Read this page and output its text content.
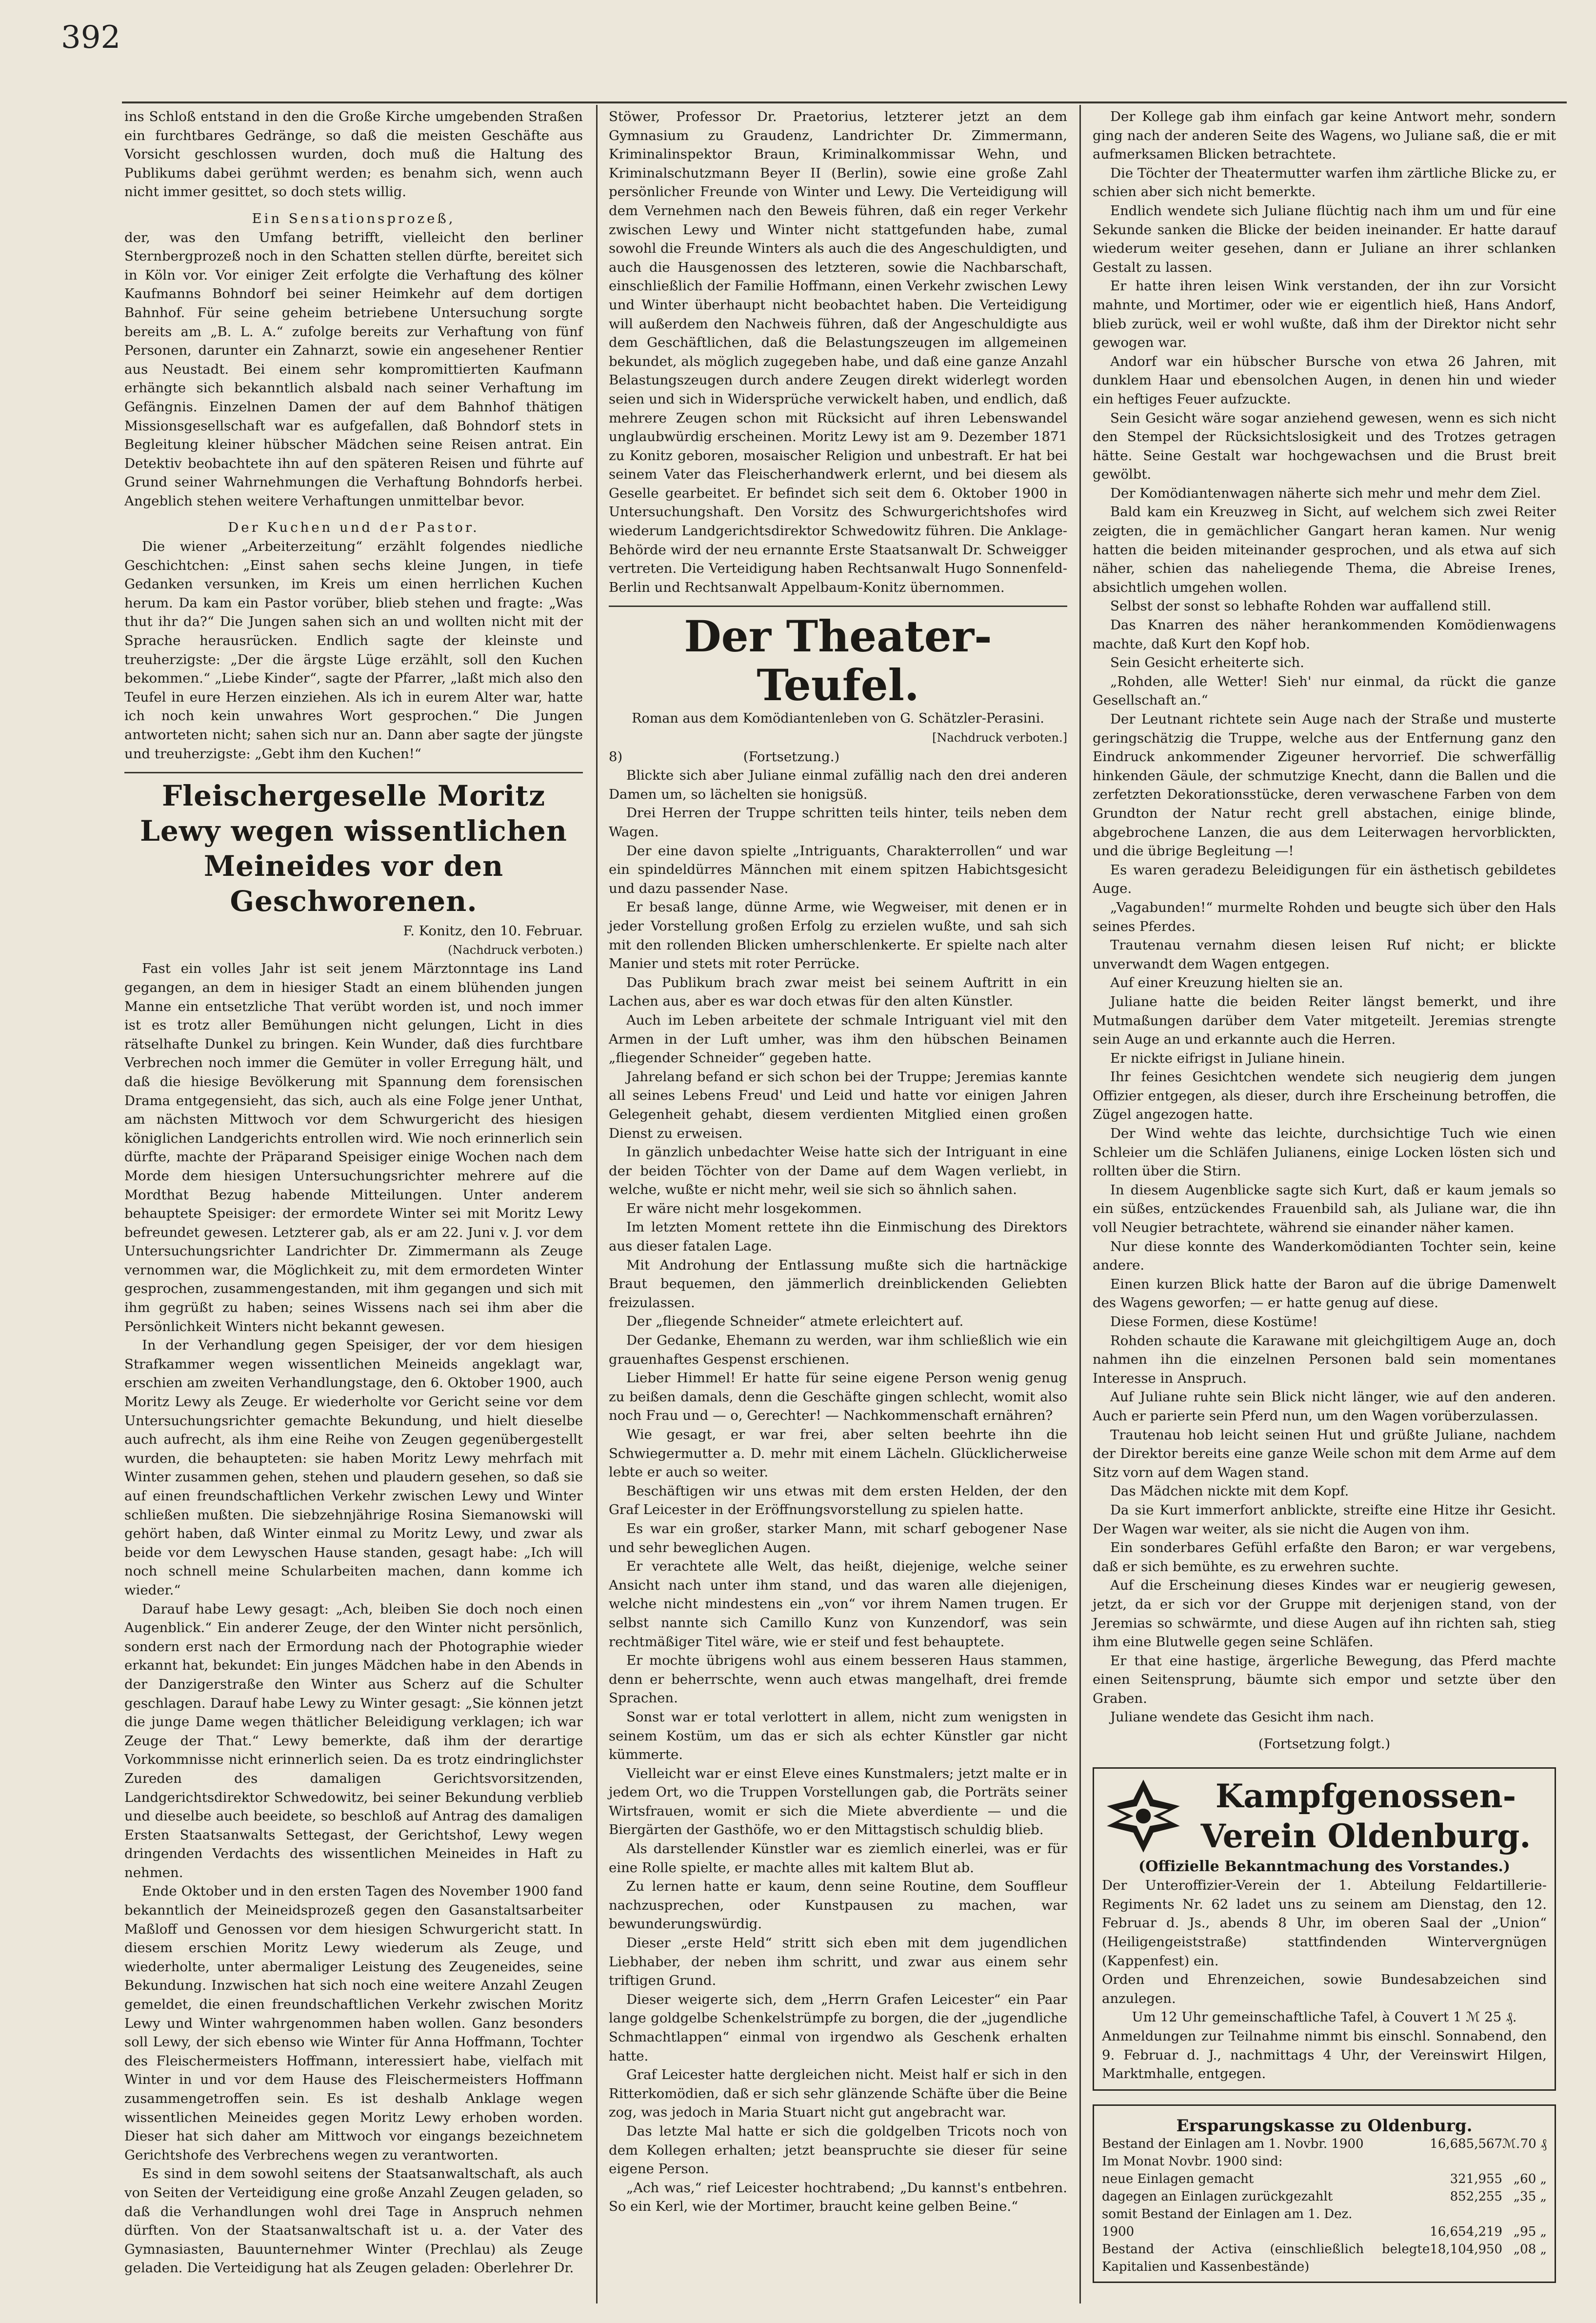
392

ins Schloß entstand in den die Große Kirche umgebenden Straßen ein furchtbares Gedränge, so daß die meisten Geschäfte aus Vorsicht geschlossen wurden, doch muß die Haltung des Publikums dabei gerühmt werden; es benahm sich, wenn auch nicht immer gesittet, so doch stets willig.

Ein Sensationsprozeß,

der, was den Umfang betrifft, vielleicht den berliner Sternbergprozeß noch in den Schatten stellen dürfte, bereitet sich in Köln vor. Vor einiger Zeit erfolgte die Verhaftung des kölner Kaufmanns Bohndorf bei seiner Heimkehr auf dem dortigen Bahnhof. Für seine geheim betriebene Untersuchung sorgte bereits am „B. L. A.“ zufolge bereits zur Verhaftung von fünf Personen, darunter ein Zahnarzt, sowie ein angesehener Rentier aus Neustadt. Bei einem sehr kompromittierten Kaufmann erhängte sich bekanntlich alsbald nach seiner Verhaftung im Gefängnis. Einzelnen Damen der auf dem Bahnhof thätigen Missionsgesellschaft war es aufgefallen, daß Bohndorf stets in Begleitung kleiner hübscher Mädchen seine Reisen antrat. Ein Detektiv beobachtete ihn auf den späteren Reisen und führte auf Grund seiner Wahrnehmungen die Verhaftung Bohndorfs herbei. Angeblich stehen weitere Verhaftungen unmittelbar bevor.

Der Kuchen und der Pastor.

Die wiener „Arbeiterzeitung“ erzählt folgendes niedliche Geschichtchen: „Einst sahen sechs kleine Jungen, in tiefe Gedanken versunken, im Kreis um einen herrlichen Kuchen herum. Da kam ein Pastor vorüber, blieb stehen und fragte: „Was thut ihr da?“ Die Jungen sahen sich an und wollten nicht mit der Sprache herausrücken. Endlich sagte der kleinste und treuherzigste: „Der die ärgste Lüge erzählt, soll den Kuchen bekommen.“ „Liebe Kinder“, sagte der Pfarrer, „laßt mich also den Teufel in eure Herzen einziehen. Als ich in eurem Alter war, hatte ich noch kein unwahres Wort gesprochen.“ Die Jungen antworteten nicht; sahen sich nur an. Dann aber sagte der jüngste und treuherzigste: „Gebt ihm den Kuchen!“

Fleischergeselle Moritz Lewy wegen wissentlichen Meineides vor den Geschworenen.

F. Konitz, den 10. Februar.

(Nachdruck verboten.)

Fast ein volles Jahr ist seit jenem Märztonntage ins Land gegangen, an dem in hiesiger Stadt an einem blühenden jungen Manne ein entsetzliche That verübt worden ist, und noch immer ist es trotz aller Bemühungen nicht gelungen, Licht in dies rätselhafte Dunkel zu bringen. Kein Wunder, daß dies furchtbare Verbrechen noch immer die Gemüter in voller Erregung hält, und daß die hiesige Bevölkerung mit Spannung dem forensischen Drama entgegensieht, das sich, auch als eine Folge jener Unthat, am nächsten Mittwoch vor dem Schwurgericht des hiesigen königlichen Landgerichts entrollen wird. Wie noch erinnerlich sein dürfte, machte der Präparand Speisiger einige Wochen nach dem Morde dem hiesigen Untersuchungsrichter mehrere auf die Mordthat Bezug habende Mitteilungen. Unter anderem behauptete Speisiger: der ermordete Winter sei mit Moritz Lewy befreundet gewesen. Letzterer gab, als er am 22. Juni v. J. vor dem Untersuchungsrichter Landrichter Dr. Zimmermann als Zeuge vernommen war, die Möglichkeit zu, mit dem ermordeten Winter gesprochen, zusammengestanden, mit ihm gegangen und sich mit ihm gegrüßt zu haben; seines Wissens nach sei ihm aber die Persönlichkeit Winters nicht bekannt gewesen.

In der Verhandlung gegen Speisiger, der vor dem hiesigen Strafkammer wegen wissentlichen Meineids angeklagt war, erschien am zweiten Verhandlungstage, den 6. Oktober 1900, auch Moritz Lewy als Zeuge. Er wiederholte vor Gericht seine vor dem Untersuchungsrichter gemachte Bekundung, und hielt dieselbe auch aufrecht, als ihm eine Reihe von Zeugen gegenübergestellt wurden, die behaupteten: sie haben Moritz Lewy mehrfach mit Winter zusammen gehen, stehen und plaudern gesehen, so daß sie auf einen freundschaftlichen Verkehr zwischen Lewy und Winter schließen mußten. Die siebzehnjährige Rosina Siemanowski will gehört haben, daß Winter einmal zu Moritz Lewy, und zwar als beide vor dem Lewyschen Hause standen, gesagt habe: „Ich will noch schnell meine Schularbeiten machen, dann komme ich wieder.“

Darauf habe Lewy gesagt: „Ach, bleiben Sie doch noch einen Augenblick.“ Ein anderer Zeuge, der den Winter nicht persönlich, sondern erst nach der Ermordung nach der Photographie wieder erkannt hat, bekundet: Ein junges Mädchen habe in den Abends in der Danzigerstraße den Winter aus Scherz auf die Schulter geschlagen. Darauf habe Lewy zu Winter gesagt: „Sie können jetzt die junge Dame wegen thätlicher Beleidigung verklagen; ich war Zeuge der That.“ Lewy bemerkte, daß ihm der derartige Vorkommnisse nicht erinnerlich seien. Da es trotz eindringlichster Zureden des damaligen Gerichtsvorsitzenden, Landgerichtsdirektor Schwedowitz, bei seiner Bekundung verblieb und dieselbe auch beeidete, so beschloß auf Antrag des damaligen Ersten Staatsanwalts Settegast, der Gerichtshof, Lewy wegen dringenden Verdachts des wissentlichen Meineides in Haft zu nehmen.

Ende Oktober und in den ersten Tagen des November 1900 fand bekanntlich der Meineidsprozeß gegen den Gasanstaltsarbeiter Maßloff und Genossen vor dem hiesigen Schwurgericht statt. In diesem erschien Moritz Lewy wiederum als Zeuge, und wiederholte, unter abermaliger Leistung des Zeugeneides, seine Bekundung. Inzwischen hat sich noch eine weitere Anzahl Zeugen gemeldet, die einen freundschaftlichen Verkehr zwischen Moritz Lewy und Winter wahrgenommen haben wollen. Ganz besonders soll Lewy, der sich ebenso wie Winter für Anna Hoffmann, Tochter des Fleischermeisters Hoffmann, interessiert habe, vielfach mit Winter in und vor dem Hause des Fleischermeisters Hoffmann zusammengetroffen sein. Es ist deshalb Anklage wegen wissentlichen Meineides gegen Moritz Lewy erhoben worden. Dieser hat sich daher am Mittwoch vor eingangs bezeichnetem Gerichtshofe des Verbrechens wegen zu verantworten.

Es sind in dem sowohl seitens der Staatsanwaltschaft, als auch von Seiten der Verteidigung eine große Anzahl Zeugen geladen, so daß die Verhandlungen wohl drei Tage in Anspruch nehmen dürften. Von der Staatsanwaltschaft ist u. a. der Vater des Gymnasiasten, Bauunternehmer Winter (Prechlau) als Zeuge geladen. Die Verteidigung hat als Zeugen geladen: Oberlehrer Dr.

Stöwer, Professor Dr. Praetorius, letzterer jetzt an dem Gymnasium zu Graudenz, Landrichter Dr. Zimmermann, Kriminalinspektor Braun, Kriminalkommissar Wehn, und Kriminalschutzmann Beyer II (Berlin), sowie eine große Zahl persönlicher Freunde von Winter und Lewy. Die Verteidigung will dem Vernehmen nach den Beweis führen, daß ein reger Verkehr zwischen Lewy und Winter nicht stattgefunden habe, zumal sowohl die Freunde Winters als auch die des Angeschuldigten, und auch die Hausgenossen des letzteren, sowie die Nachbarschaft, einschließlich der Familie Hoffmann, einen Verkehr zwischen Lewy und Winter überhaupt nicht beobachtet haben. Die Verteidigung will außerdem den Nachweis führen, daß der Angeschuldigte aus dem Geschäftlichen, daß die Belastungszeugen im allgemeinen bekundet, als möglich zugegeben habe, und daß eine ganze Anzahl Belastungszeugen durch andere Zeugen direkt widerlegt worden seien und sich in Widersprüche verwickelt haben, und endlich, daß mehrere Zeugen schon mit Rücksicht auf ihren Lebenswandel unglaubwürdig erscheinen. Moritz Lewy ist am 9. Dezember 1871 zu Konitz geboren, mosaischer Religion und unbestraft. Er hat bei seinem Vater das Fleischerhandwerk erlernt, und bei diesem als Geselle gearbeitet. Er befindet sich seit dem 6. Oktober 1900 in Untersuchungshaft. Den Vorsitz des Schwurgerichtshofes wird wiederum Landgerichtsdirektor Schwedowitz führen. Die Anklage-Behörde wird der neu ernannte Erste Staatsanwalt Dr. Schweigger vertreten. Die Verteidigung haben Rechtsanwalt Hugo Sonnenfeld-Berlin und Rechtsanwalt Appelbaum-Konitz übernommen.

Der Theater-Teufel.

Roman aus dem Komödiantenleben von G. Schätzler-Perasini.

[Nachdruck verboten.]

8)	(Fortsetzung.)

Blickte sich aber Juliane einmal zufällig nach den drei anderen Damen um, so lächelten sie honigsüß.

Drei Herren der Truppe schritten teils hinter, teils neben dem Wagen.

Der eine davon spielte „Intriguants, Charakterrollen“ und war ein spindeldürres Männchen mit einem spitzen Habichtsgesicht und dazu passender Nase.

Er besaß lange, dünne Arme, wie Wegweiser, mit denen er in jeder Vorstellung großen Erfolg zu erzielen wußte, und sah sich mit den rollenden Blicken umherschlenkerte. Er spielte nach alter Manier und stets mit roter Perrücke.

Das Publikum brach zwar meist bei seinem Auftritt in ein Lachen aus, aber es war doch etwas für den alten Künstler.

Auch im Leben arbeitete der schmale Intriguant viel mit den Armen in der Luft umher, was ihm den hübschen Beinamen „fliegender Schneider“ gegeben hatte.

Jahrelang befand er sich schon bei der Truppe; Jeremias kannte all seines Lebens Freud' und Leid und hatte vor einigen Jahren Gelegenheit gehabt, diesem verdienten Mitglied einen großen Dienst zu erweisen.

In gänzlich unbedachter Weise hatte sich der Intriguant in eine der beiden Töchter von der Dame auf dem Wagen verliebt, in welche, wußte er nicht mehr, weil sie sich so ähnlich sahen.

Er wäre nicht mehr losgekommen.

Im letzten Moment rettete ihn die Einmischung des Direktors aus dieser fatalen Lage.

Mit Androhung der Entlassung mußte sich die hartnäckige Braut bequemen, den jämmerlich dreinblickenden Geliebten freizulassen.

Der „fliegende Schneider“ atmete erleichtert auf.

Der Gedanke, Ehemann zu werden, war ihm schließlich wie ein grauenhaftes Gespenst erschienen.

Lieber Himmel! Er hatte für seine eigene Person wenig genug zu beißen damals, denn die Geschäfte gingen schlecht, womit also noch Frau und — o, Gerechter! — Nachkommenschaft ernähren?

Wie gesagt, er war frei, aber selten beehrte ihn die Schwiegermutter a. D. mehr mit einem Lächeln. Glücklicherweise lebte er auch so weiter.

Beschäftigen wir uns etwas mit dem ersten Helden, der den Graf Leicester in der Eröffnungsvorstellung zu spielen hatte.

Es war ein großer, starker Mann, mit scharf gebogener Nase und sehr beweglichen Augen.

Er verachtete alle Welt, das heißt, diejenige, welche seiner Ansicht nach unter ihm stand, und das waren alle diejenigen, welche nicht mindestens ein „von“ vor ihrem Namen trugen. Er selbst nannte sich Camillo Kunz von Kunzendorf, was sein rechtmäßiger Titel wäre, wie er steif und fest behauptete.

Er mochte übrigens wohl aus einem besseren Haus stammen, denn er beherrschte, wenn auch etwas mangelhaft, drei fremde Sprachen.

Sonst war er total verlottert in allem, nicht zum wenigsten in seinem Kostüm, um das er sich als echter Künstler gar nicht kümmerte.

Vielleicht war er einst Eleve eines Kunstmalers; jetzt malte er in jedem Ort, wo die Truppen Vorstellungen gab, die Porträts seiner Wirtsfrauen, womit er sich die Miete abverdiente — und die Biergärten der Gasthöfe, wo er den Mittagstisch schuldig blieb.

Als darstellender Künstler war es ziemlich einerlei, was er für eine Rolle spielte, er machte alles mit kaltem Blut ab.

Zu lernen hatte er kaum, denn seine Routine, dem Souffleur nachzusprechen, oder Kunstpausen zu machen, war bewunderungswürdig.

Dieser „erste Held“ stritt sich eben mit dem jugendlichen Liebhaber, der neben ihm schritt, und zwar aus einem sehr triftigen Grund.

Dieser weigerte sich, dem „Herrn Grafen Leicester“ ein Paar lange goldgelbe Schenkelstrümpfe zu borgen, die der „jugendliche Schmachtlappen“ einmal von irgendwo als Geschenk erhalten hatte.

Graf Leicester hatte dergleichen nicht. Meist half er sich in den Ritterkomödien, daß er sich sehr glänzende Schäfte über die Beine zog, was jedoch in Maria Stuart nicht gut angebracht war.

Das letzte Mal hatte er sich die goldgelben Tricots noch von dem Kollegen erhalten; jetzt beanspruchte sie dieser für seine eigene Person.

„Ach was,“ rief Leicester hochtrabend; „Du kannst's entbehren. So ein Kerl, wie der Mortimer, braucht keine gelben Beine.“

Der Kollege gab ihm einfach gar keine Antwort mehr, sondern ging nach der anderen Seite des Wagens, wo Juliane saß, die er mit aufmerksamen Blicken betrachtete.

Die Töchter der Theatermutter warfen ihm zärtliche Blicke zu, er schien aber sich nicht bemerkte.

Endlich wendete sich Juliane flüchtig nach ihm um und für eine Sekunde sanken die Blicke der beiden ineinander. Er hatte darauf wiederum weiter gesehen, dann er Juliane an ihrer schlanken Gestalt zu lassen.

Er hatte ihren leisen Wink verstanden, der ihn zur Vorsicht mahnte, und Mortimer, oder wie er eigentlich hieß, Hans Andorf, blieb zurück, weil er wohl wußte, daß ihm der Direktor nicht sehr gewogen war.

Andorf war ein hübscher Bursche von etwa 26 Jahren, mit dunklem Haar und ebensolchen Augen, in denen hin und wieder ein heftiges Feuer aufzuckte.

Sein Gesicht wäre sogar anziehend gewesen, wenn es sich nicht den Stempel der Rücksichtslosigkeit und des Trotzes getragen hätte. Seine Gestalt war hochgewachsen und die Brust breit gewölbt.

Der Komödiantenwagen näherte sich mehr und mehr dem Ziel.

Bald kam ein Kreuzweg in Sicht, auf welchem sich zwei Reiter zeigten, die in gemächlicher Gangart heran kamen. Nur wenig hatten die beiden miteinander gesprochen, und als etwa auf sich näher, schien das naheliegende Thema, die Abreise Irenes, absichtlich umgehen wollen.

Selbst der sonst so lebhafte Rohden war auffallend still.

Das Knarren des näher herankommenden Komödienwagens machte, daß Kurt den Kopf hob.

Sein Gesicht erheiterte sich.

„Rohden, alle Wetter! Sieh' nur einmal, da rückt die ganze Gesellschaft an.“

Der Leutnant richtete sein Auge nach der Straße und musterte geringschätzig die Truppe, welche aus der Entfernung ganz den Eindruck ankommender Zigeuner hervorrief. Die schwerfällig hinkenden Gäule, der schmutzige Knecht, dann die Ballen und die zerfetzten Dekorationsstücke, deren verwaschene Farben von dem Grundton der Natur recht grell abstachen, einige blinde, abgebrochene Lanzen, die aus dem Leiterwagen hervorblickten, und die übrige Begleitung —!

Es waren geradezu Beleidigungen für ein ästhetisch gebildetes Auge.

„Vagabunden!“ murmelte Rohden und beugte sich über den Hals seines Pferdes.

Trautenau vernahm diesen leisen Ruf nicht; er blickte unverwandt dem Wagen entgegen.

Auf einer Kreuzung hielten sie an.

Juliane hatte die beiden Reiter längst bemerkt, und ihre Mutmaßungen darüber dem Vater mitgeteilt. Jeremias strengte sein Auge an und erkannte auch die Herren.

Er nickte eifrigst in Juliane hinein.

Ihr feines Gesichtchen wendete sich neugierig dem jungen Offizier entgegen, als dieser, durch ihre Erscheinung betroffen, die Zügel angezogen hatte.

Der Wind wehte das leichte, durchsichtige Tuch wie einen Schleier um die Schläfen Julianens, einige Locken lösten sich und rollten über die Stirn.

In diesem Augenblicke sagte sich Kurt, daß er kaum jemals so ein süßes, entzückendes Frauenbild sah, als Juliane war, die ihn voll Neugier betrachtete, während sie einander näher kamen.

Nur diese konnte des Wanderkomödianten Tochter sein, keine andere.

Einen kurzen Blick hatte der Baron auf die übrige Damenwelt des Wagens geworfen; — er hatte genug auf diese.

Diese Formen, diese Kostüme!

Rohden schaute die Karawane mit gleichgiltigem Auge an, doch nahmen ihn die einzelnen Personen bald sein momentanes Interesse in Anspruch.

Auf Juliane ruhte sein Blick nicht länger, wie auf den anderen. Auch er parierte sein Pferd nun, um den Wagen vorüberzulassen.

Trautenau hob leicht seinen Hut und grüßte Juliane, nachdem der Direktor bereits eine ganze Weile schon mit dem Arme auf dem Sitz vorn auf dem Wagen stand.

Das Mädchen nickte mit dem Kopf.

Da sie Kurt immerfort anblickte, streifte eine Hitze ihr Gesicht. Der Wagen war weiter, als sie nicht die Augen von ihm.

Ein sonderbares Gefühl erfaßte den Baron; er war vergebens, daß er sich bemühte, es zu erwehren suchte.

Auf die Erscheinung dieses Kindes war er neugierig gewesen, jetzt, da er sich vor der Gruppe mit derjenigen stand, von der Jeremias so schwärmte, und diese Augen auf ihn richten sah, stieg ihm eine Blutwelle gegen seine Schläfen.

Er that eine hastige, ärgerliche Bewegung, das Pferd machte einen Seitensprung, bäumte sich empor und setzte über den Graben.

Juliane wendete das Gesicht ihm nach.

(Fortsetzung folgt.)

Kampfgenossen-Verein Oldenburg.

(Offizielle Bekanntmachung des Vorstandes.)

Der Unteroffizier-Verein der 1. Abteilung Feldartillerie-Regiments Nr. 62 ladet uns zu seinem am Dienstag, den 12. Februar d. Js., abends 8 Uhr, im oberen Saal der „Union“ (Heiligengeiststraße) stattfindenden Wintervergnügen (Kappenfest) ein.

Orden und Ehrenzeichen, sowie Bundesabzeichen sind anzulegen.

Um 12 Uhr gemeinschaftliche Tafel, à Couvert 1 ℳ 25 ₰.

Anmeldungen zur Teilnahme nimmt bis einschl. Sonnabend, den 9. Februar d. J., nachmittags 4 Uhr, der Vereinswirt Hilgen, Marktmhalle, entgegen.

Ersparungskasse zu Oldenburg.

Bestand der Einlagen am 1. Novbr. 1900	16,685,567	ℳ.	70 ₰
Im Monat Novbr. 1900 sind:			
neue Einlagen gemacht	321,955	„	60 „
dagegen an Einlagen zurückgezahlt	852,255	„	35 „
somit Bestand der Einlagen am 1. Dez.			
1900	16,654,219	„	95 „
Bestand der Activa (einschließlich belegte Kapitalien und Kassenbestände)	18,104,950	„	08 „
